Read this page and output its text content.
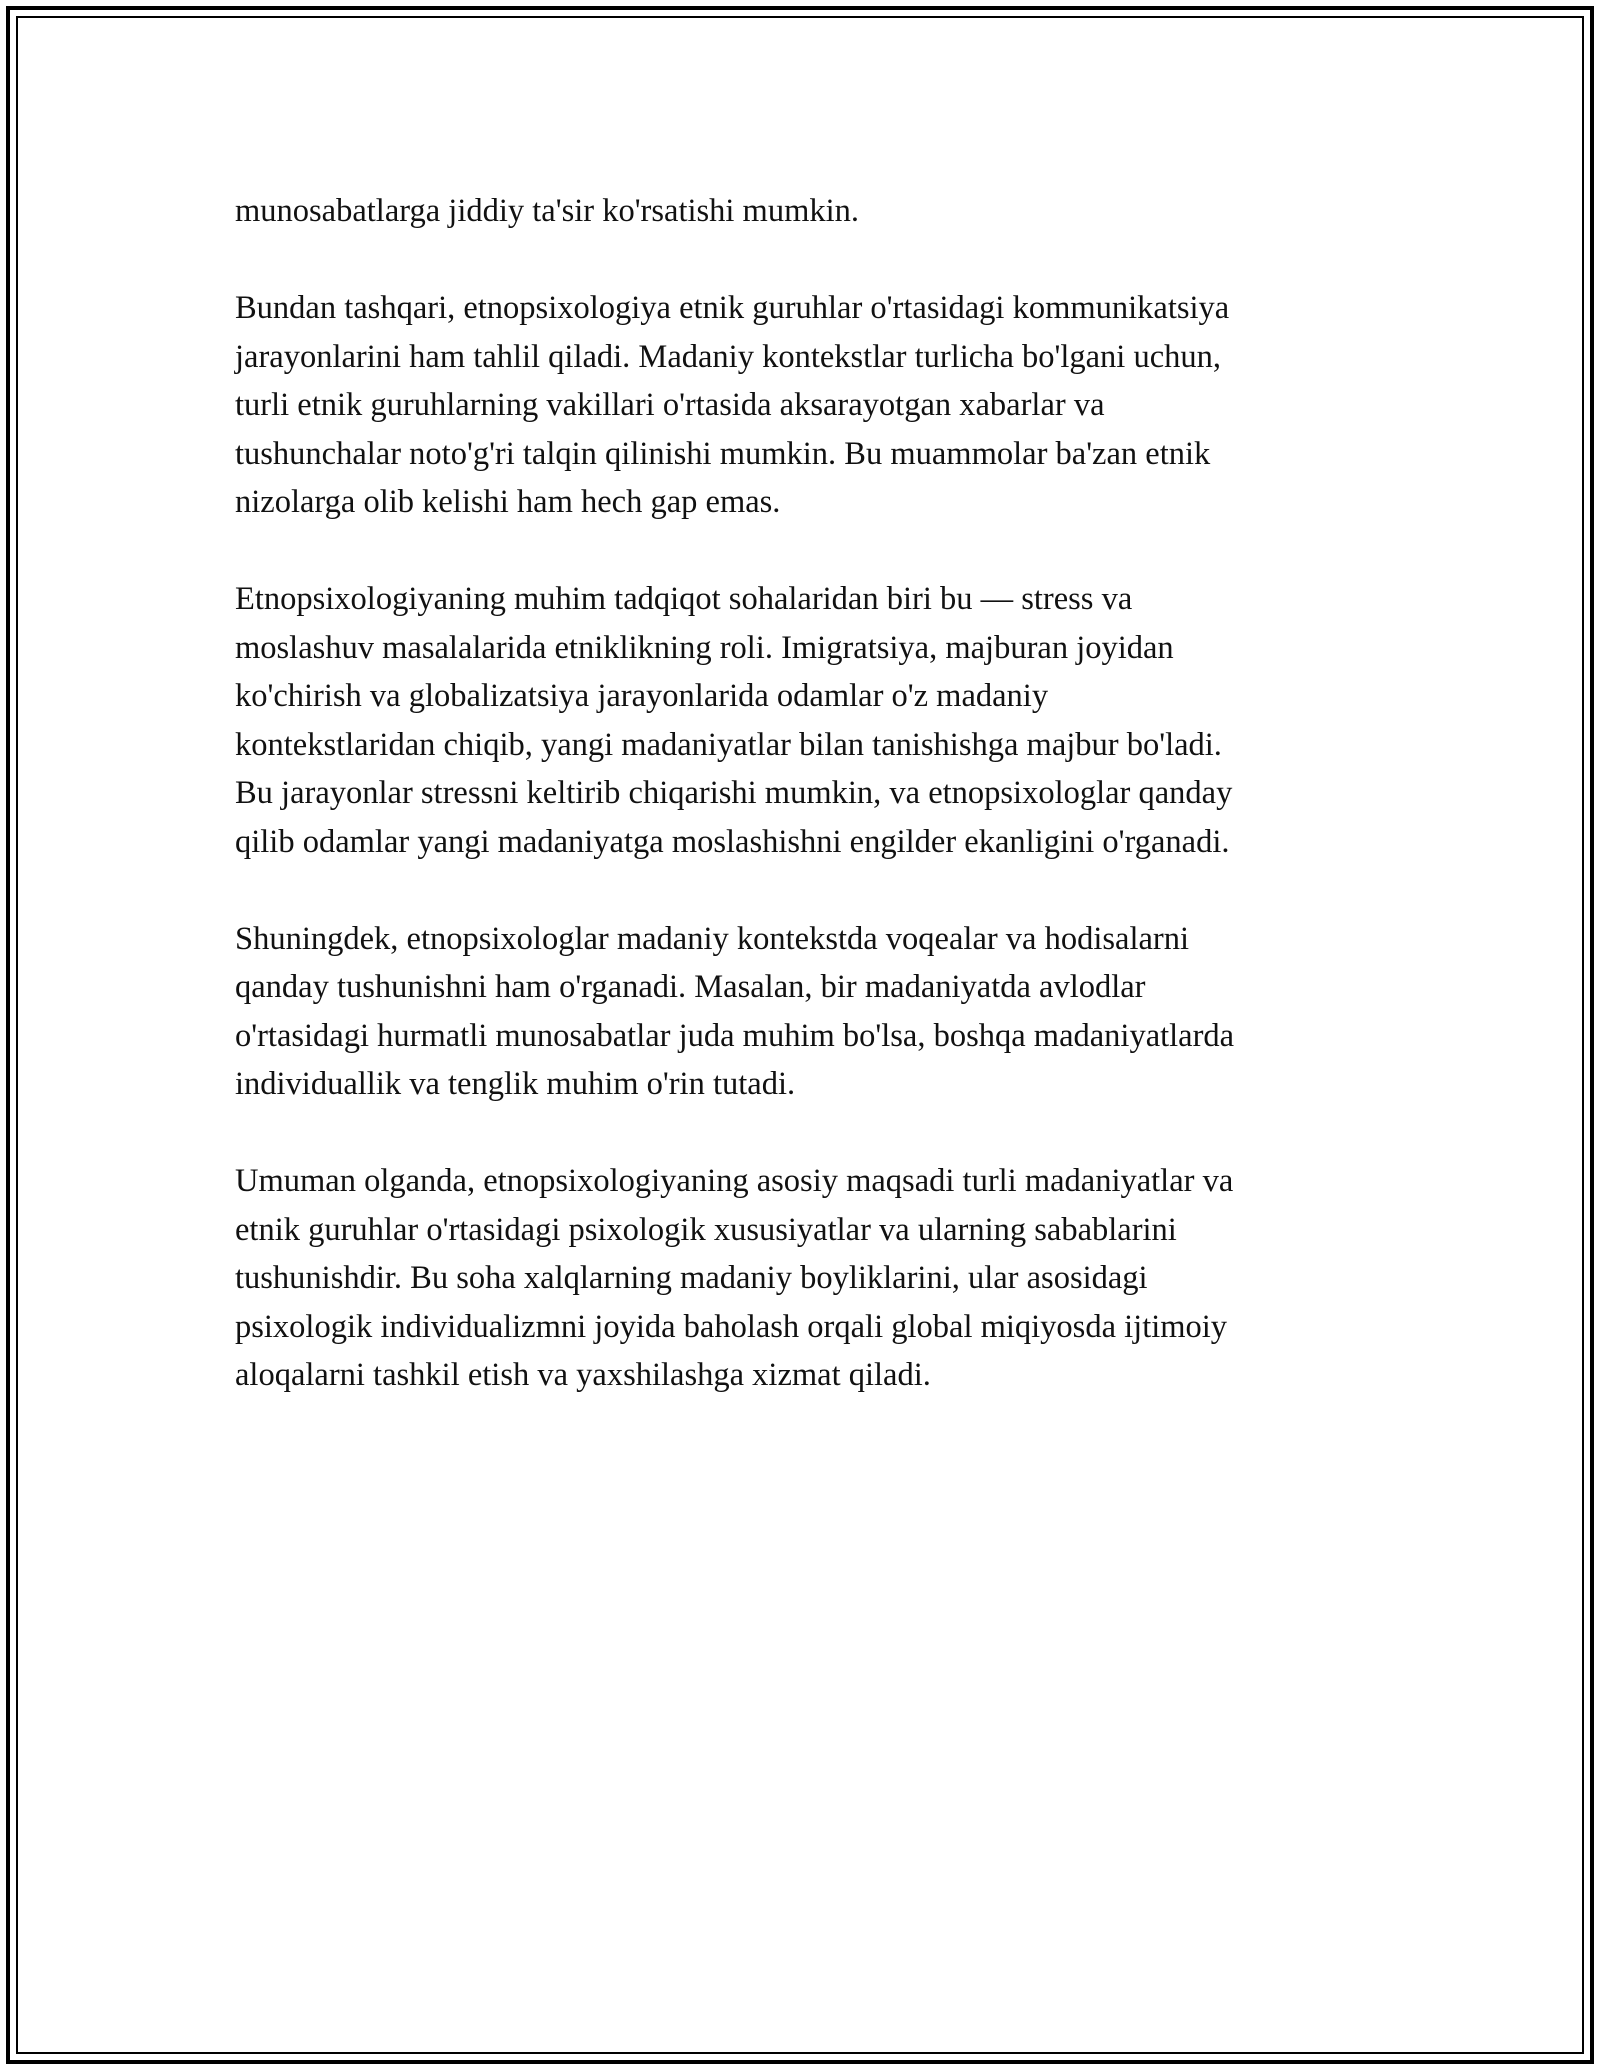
munosabatlarga jiddiy ta'sir ko'rsatishi mumkin.

Bundan tashqari, etnopsixologiya etnik guruhlar o'rtasidagi kommunikatsiya
jarayonlarini ham tahlil qiladi. Madaniy kontekstlar turlicha bo'lgani uchun,
turli etnik guruhlarning vakillari o'rtasida aksarayotgan xabarlar va
tushunchalar noto'g'ri talqin qilinishi mumkin. Bu muammolar ba'zan etnik
nizolarga olib kelishi ham hech gap emas.

Etnopsixologiyaning muhim tadqiqot sohalaridan biri bu — stress va
moslashuv masalalarida etniklikning roli. Imigratsiya, majburan joyidan
ko'chirish va globalizatsiya jarayonlarida odamlar o'z madaniy
kontekstlaridan chiqib, yangi madaniyatlar bilan tanishishga majbur bo'ladi.
Bu jarayonlar stressni keltirib chiqarishi mumkin, va etnopsixologlar qanday
qilib odamlar yangi madaniyatga moslashishni engilder ekanligini o'rganadi.

Shuningdek, etnopsixologlar madaniy kontekstda voqealar va hodisalarni
qanday tushunishni ham o'rganadi. Masalan, bir madaniyatda avlodlar
o'rtasidagi hurmatli munosabatlar juda muhim bo'lsa, boshqa madaniyatlarda
individuallik va tenglik muhim o'rin tutadi.

Umuman olganda, etnopsixologiyaning asosiy maqsadi turli madaniyatlar va
etnik guruhlar o'rtasidagi psixologik xususiyatlar va ularning sabablarini
tushunishdir. Bu soha xalqlarning madaniy boyliklarini, ular asosidagi
psixologik individualizmni joyida baholash orqali global miqiyosda ijtimoiy
aloqalarni tashkil etish va yaxshilashga xizmat qiladi.
